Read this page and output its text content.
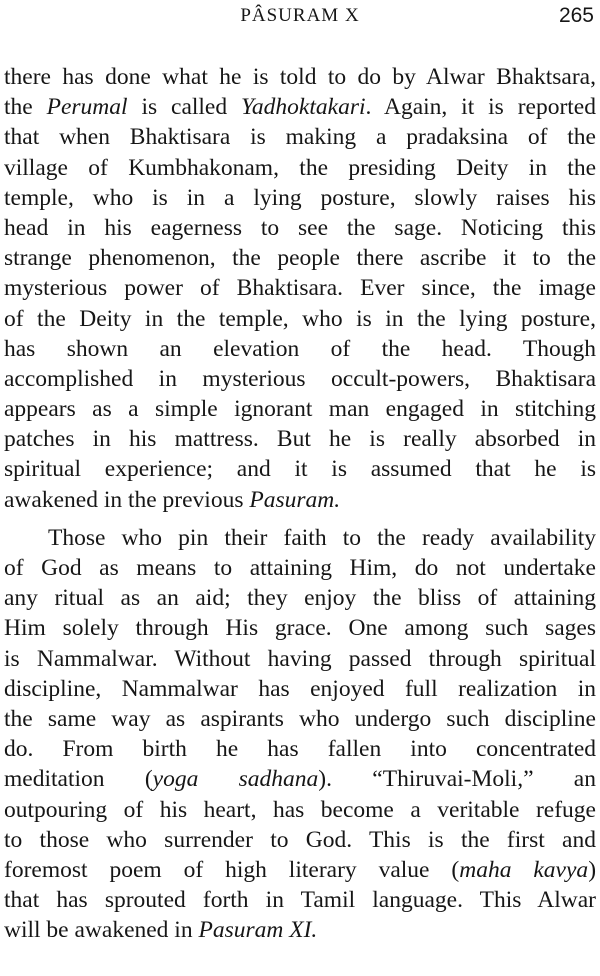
PÂSURAM X	265

there has done what he is told to do by Alwar Bhaktsara,
the Perumal is called Yadhoktakari. Again, it is reported
that when Bhaktisara is making a pradaksina of the
village of Kumbhakonam, the presiding Deity in the
temple, who is in a lying posture, slowly raises his
head in his eagerness to see the sage. Noticing this
strange phenomenon, the people there ascribe it to the
mysterious power of Bhaktisara. Ever since, the image
of the Deity in the temple, who is in the lying posture,
has shown an elevation of the head. Though
accomplished in mysterious occult-powers, Bhaktisara
appears as a simple ignorant man engaged in stitching
patches in his mattress. But he is really absorbed in
spiritual experience; and it is assumed that he is
awakened in the previous Pasuram.

Those who pin their faith to the ready availability
of God as means to attaining Him, do not undertake
any ritual as an aid; they enjoy the bliss of attaining
Him solely through His grace. One among such sages
is Nammalwar. Without having passed through spiritual
discipline, Nammalwar has enjoyed full realization in
the same way as aspirants who undergo such discipline
do. From birth he has fallen into concentrated
meditation (yoga sadhana). “Thiruvai-Moli,” an
outpouring of his heart, has become a veritable refuge
to those who surrender to God. This is the first and
foremost poem of high literary value (maha kavya)
that has sprouted forth in Tamil language. This Alwar
will be awakened in Pasuram XI.
